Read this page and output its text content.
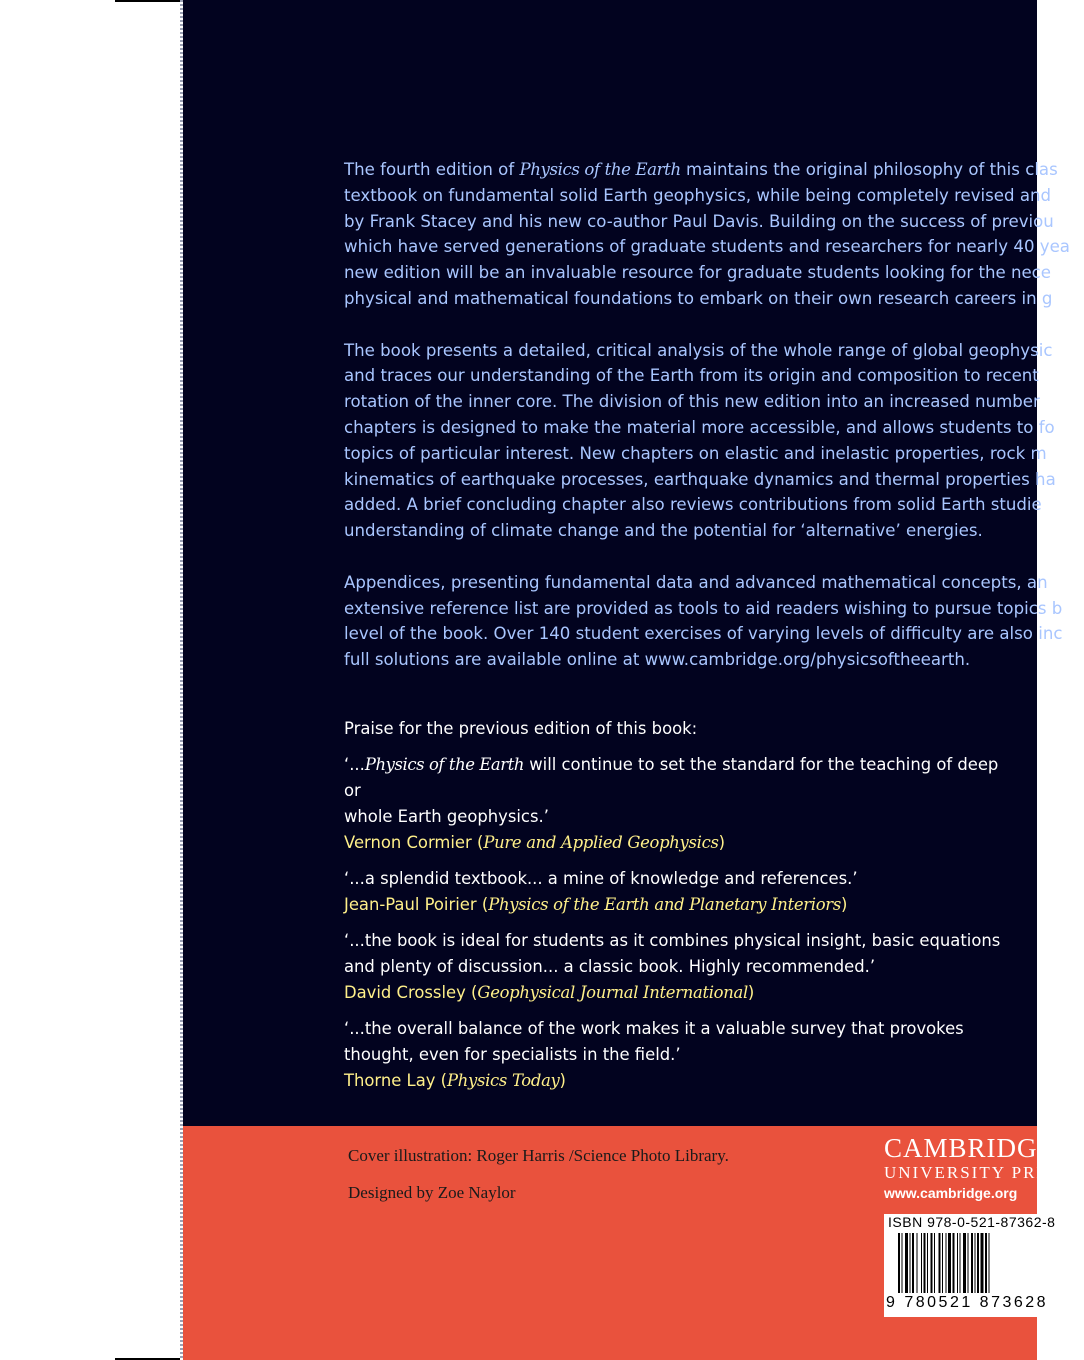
The fourth edition of Physics of the Earth maintains the original philosophy of this clas
textbook on fundamental solid Earth geophysics, while being completely revised and
by Frank Stacey and his new co-author Paul Davis. Building on the success of previou
which have served generations of graduate students and researchers for nearly 40 yea
new edition will be an invaluable resource for graduate students looking for the nece
physical and mathematical foundations to embark on their own research careers in g

The book presents a detailed, critical analysis of the whole range of global geophysic
and traces our understanding of the Earth from its origin and composition to recent
rotation of the inner core. The division of this new edition into an increased number
chapters is designed to make the material more accessible, and allows students to fo
topics of particular interest. New chapters on elastic and inelastic properties, rock m
kinematics of earthquake processes, earthquake dynamics and thermal properties ha
added. A brief concluding chapter also reviews contributions from solid Earth studie
understanding of climate change and the potential for ‘alternative’ energies.

Appendices, presenting fundamental data and advanced mathematical concepts, an
extensive reference list are provided as tools to aid readers wishing to pursue topics b
level of the book. Over 140 student exercises of varying levels of difficulty are also inc
full solutions are available online at www.cambridge.org/physicsoftheearth.

Praise for the previous edition of this book:
‘...Physics of the Earth will continue to set the standard for the teaching of deep or
whole Earth geophysics.’
Vernon Cormier (Pure and Applied Geophysics)
‘...a splendid textbook... a mine of knowledge and references.’
Jean-Paul Poirier (Physics of the Earth and Planetary Interiors)
‘...the book is ideal for students as it combines physical insight, basic equations
and plenty of discussion... a classic book. Highly recommended.’
David Crossley (Geophysical Journal International)
‘...the overall balance of the work makes it a valuable survey that provokes
thought, even for specialists in the field.’
Thorne Lay (Physics Today)
Cover illustration: Roger Harris /Science Photo Library.
Designed by Zoe Naylor
CAMBRIDGE
UNIVERSITY PRESS
www.cambridge.org
ISBN 978-0-521-87362-8
9 780521 873628
